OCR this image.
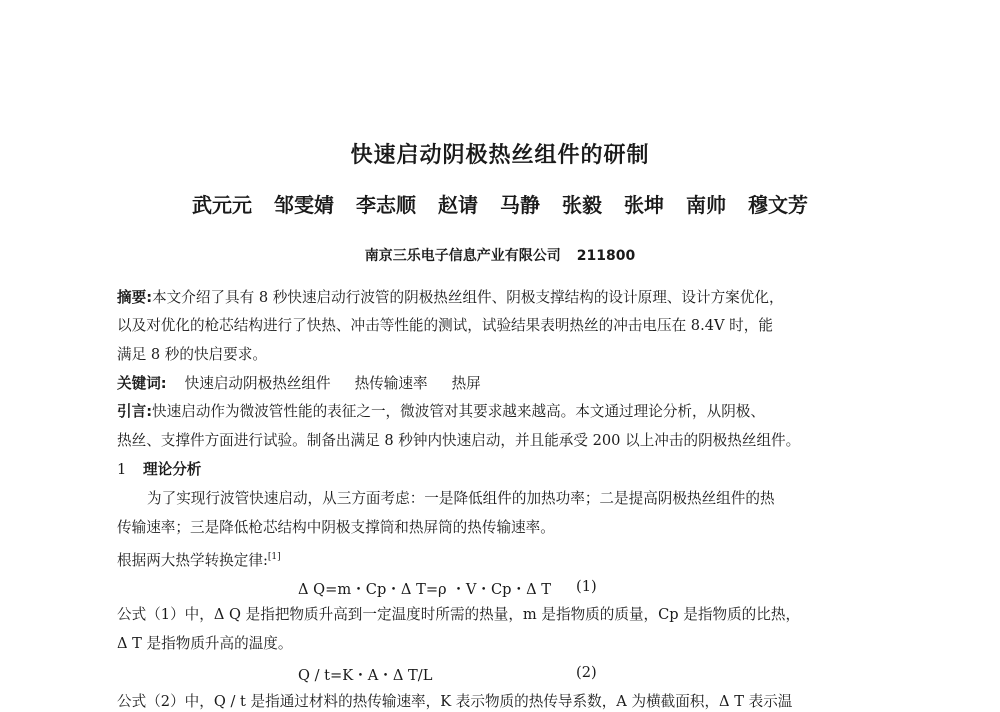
快速启动阴极热丝组件的研制
武元元 邹雯婧 李志顺 赵请 马静 张毅 张坤 南帅 穆文芳
南京三乐电子信息产业有限公司 211800
摘要:本文介绍了具有 8 秒快速启动行波管的阴极热丝组件、阴极支撑结构的设计原理、设计方案优化，
以及对优化的枪芯结构进行了快热、冲击等性能的测试，试验结果表明热丝的冲击电压在 8.4V 时，能
满足 8 秒的快启要求。
关键词: 快速启动阴极热丝组件 热传输速率 热屏
引言:快速启动作为微波管性能的表征之一，微波管对其要求越来越高。本文通过理论分析，从阴极、
热丝、支撑件方面进行试验。制备出满足 8 秒钟内快速启动，并且能承受 200 以上冲击的阴极热丝组件。
1 理论分析
为了实现行波管快速启动，从三方面考虑：一是降低组件的加热功率；二是提高阴极热丝组件的热
传输速率；三是降低枪芯结构中阴极支撑筒和热屏筒的热传输速率。
根据两大热学转换定律:[1]
Δ Q=m・Cp・Δ T=ρ ・V・Cp・Δ T (1)
公式（1）中，Δ Q 是指把物质升高到一定温度时所需的热量，m 是指物质的质量，Cp 是指物质的比热，
Δ T 是指物质升高的温度。
Q / t=K・A・Δ T/L	(2)
公式（2）中，Q / t 是指通过材料的热传输速率，K 表示物质的热传导系数，A 为横截面积，Δ T 表示温
